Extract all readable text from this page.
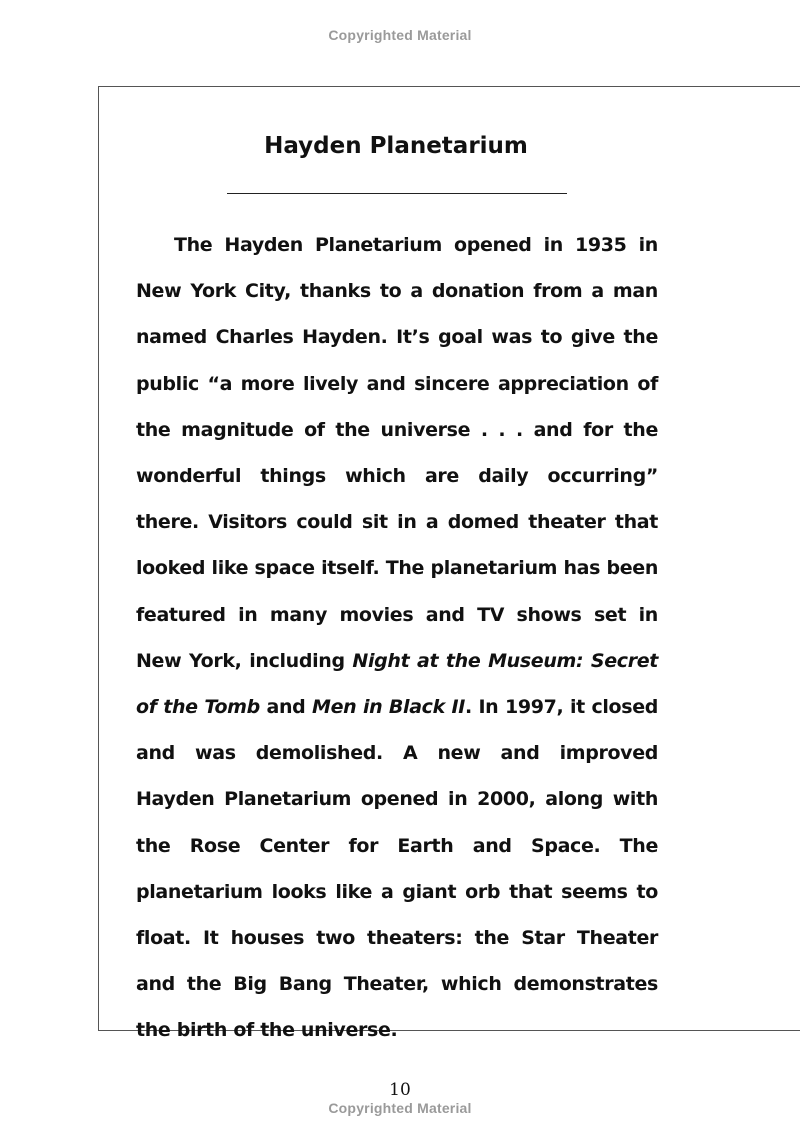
Copyrighted Material
Hayden Planetarium

The Hayden Planetarium opened in 1935 in New York City, thanks to a donation from a man named Charles Hayden. It’s goal was to give the public “a more lively and sincere appreciation of the magnitude of the universe . . . and for the wonderful things which are daily occurring” there. Visitors could sit in a domed theater that looked like space itself. The planetarium has been featured in many movies and TV shows set in New York, including Night at the Museum: Secret of the Tomb and Men in Black II. In 1997, it closed and was demolished. A new and improved Hayden Planetarium opened in 2000, along with the Rose Center for Earth and Space. The planetarium looks like a giant orb that seems to float. It houses two theaters: the Star Theater and the Big Bang Theater, which demonstrates the birth of the universe.

10
Copyrighted Material
